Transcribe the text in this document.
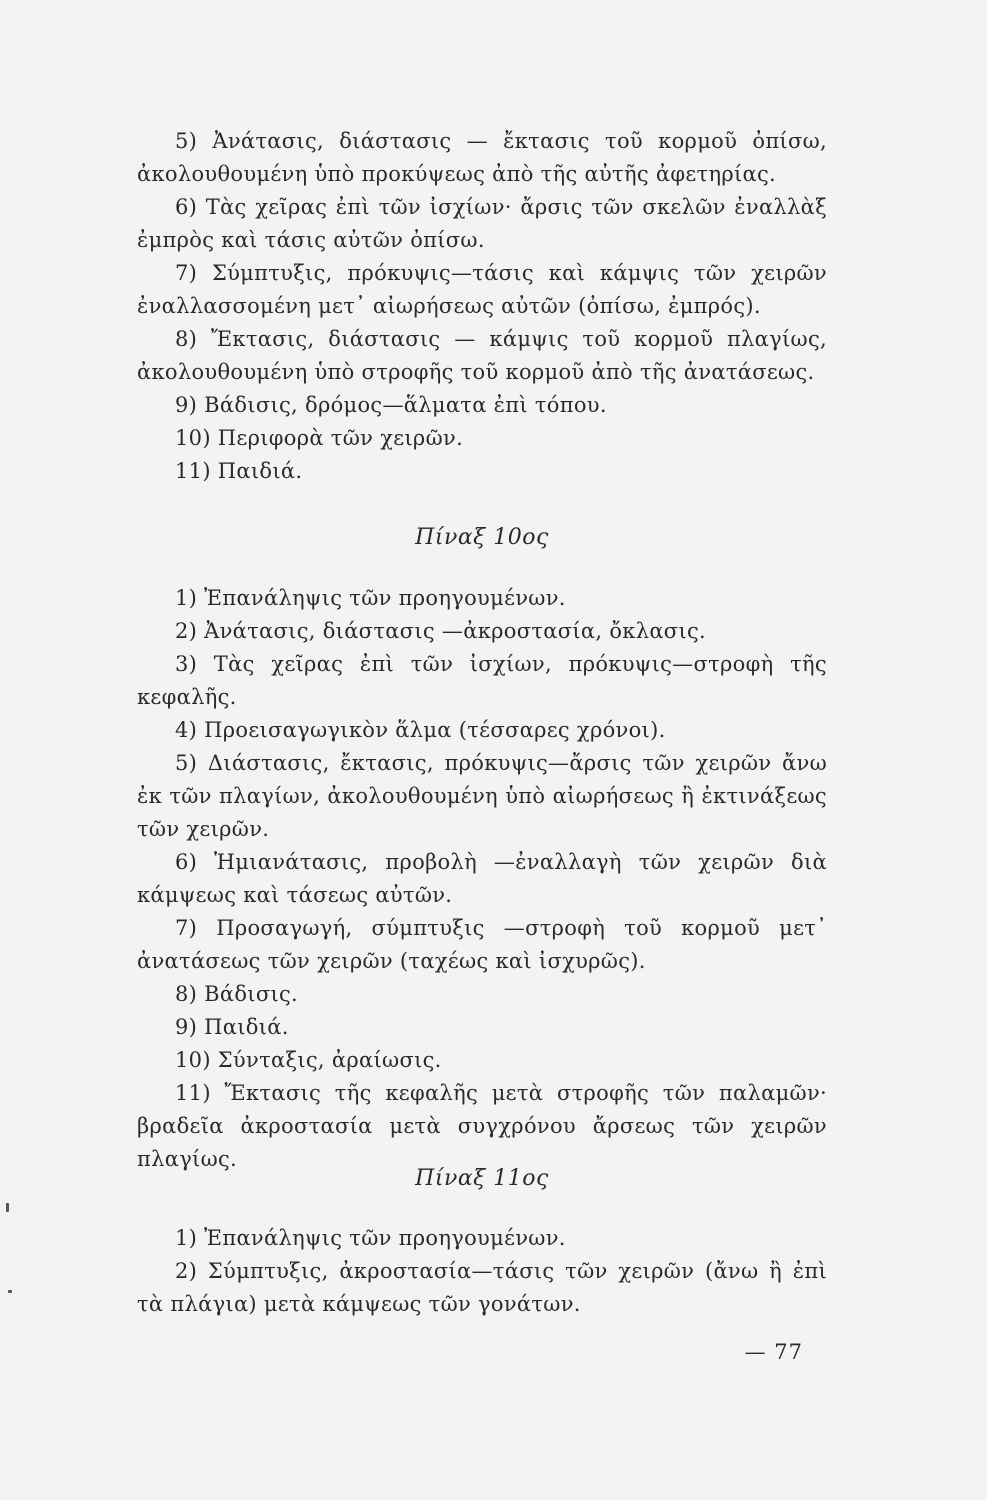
5) Ἀνάτασις, διάστασις — ἔκτασις τοῦ κορμοῦ ὀπίσω, ἀκολουθουμένη ὑπὸ προκύψεως ἀπὸ τῆς αὐτῆς ἀφετηρίας.

6) Τὰς χεῖρας ἐπὶ τῶν ἰσχίων· ἄρσις τῶν σκελῶν ἐναλλὰξ ἐμπρὸς καὶ τάσις αὐτῶν ὀπίσω.

7) Σύμπτυξις, πρόκυψις—τάσις καὶ κάμψις τῶν χειρῶν ἐναλλασσομένη μετ᾽ αἰωρήσεως αὐτῶν (ὀπίσω, ἐμπρός).

8) Ἔκτασις, διάστασις — κάμψις τοῦ κορμοῦ πλαγίως, ἀκολουθουμένη ὑπὸ στροφῆς τοῦ κορμοῦ ἀπὸ τῆς ἀνατάσεως.

9) Βάδισις, δρόμος—ἅλματα ἐπὶ τόπου.

10) Περιφορὰ τῶν χειρῶν.

11) Παιδιά.

Πίναξ 10ος

1) Ἐπανάληψις τῶν προηγουμένων.

2) Ἀνάτασις, διάστασις —ἀκροστασία, ὄκλασις.

3) Τὰς χεῖρας ἐπὶ τῶν ἰσχίων, πρόκυψις—στροφὴ τῆς κεφαλῆς.

4) Προεισαγωγικὸν ἅλμα (τέσσαρες χρόνοι).

5) Διάστασις, ἔκτασις, πρόκυψις—ἄρσις τῶν χειρῶν ἄνω ἐκ τῶν πλαγίων, ἀκολουθουμένη ὑπὸ αἰωρήσεως ἢ ἐκτινάξεως τῶν χειρῶν.

6) Ἡμιανάτασις, προβολὴ —ἐναλλαγὴ τῶν χειρῶν διὰ κάμψεως καὶ τάσεως αὐτῶν.

7) Προσαγωγή, σύμπτυξις —στροφὴ τοῦ κορμοῦ μετ᾽ ἀνατάσεως τῶν χειρῶν (ταχέως καὶ ἰσχυρῶς).

8) Βάδισις.

9) Παιδιά.

10) Σύνταξις, ἀραίωσις.

11) Ἔκτασις τῆς κεφαλῆς μετὰ στροφῆς τῶν παλαμῶν· βραδεῖα ἀκροστασία μετὰ συγχρόνου ἄρσεως τῶν χειρῶν πλαγίως.

Πίναξ 11ος

1) Ἐπανάληψις τῶν προηγουμένων.

2) Σύμπτυξις, ἀκροστασία—τάσις τῶν χειρῶν (ἄνω ἢ ἐπὶ τὰ πλάγια) μετὰ κάμψεως τῶν γονάτων.

— 77
